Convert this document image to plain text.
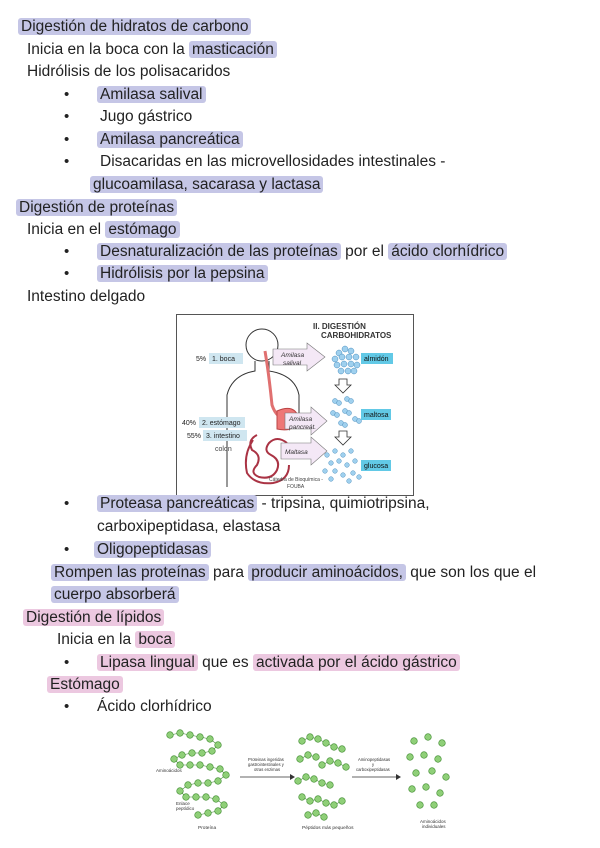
Digestión de hidratos de carbono
Inicia en la boca con la masticación
Hidrólisis de los polisacaridos
• Amilasa salival
• Jugo gástrico
• Amilasa pancreática
• Disacaridas en las microvellosidades intestinales -
glucoamilasa, sacarasa y lactasa
Digestión de proteínas
Inicia en el estómago
• Desnaturalización de las proteínas por el ácido clorhídrico
• Hidrólisis por la pepsina
Intestino delgado
II. DIGESTIÓN
CARBOHIDRATOS
5% 1. boca
40% 2. estómago
55% 3. intestino
colon
Amilasa
salival
Amilasa
pancreát.
Maltasa
almidón
maltosa
glucosa
Cátedra de Bioquímica -
FOUBA
• Proteasa pancreáticas - tripsina, quimiotripsina,
carboxipeptidasa, elastasa
• Oligopeptidasas
Rompen las proteínas para producir aminoácidos, que son los que el
cuerpo absorberá
Digestión de lípidos
Inicia en la boca
• Lipasa lingual que es activada por el ácido gástrico
Estómago
• Ácido clorhídrico
Aminoácidos
Enlace
peptídico
Proteína
Proteinas ingeridas
gastrointestinales y
otras enzimas
Péptidos más pequeños
Aminopeptidasas
y
carboxipeptidasas
Aminoácidos
individuales
